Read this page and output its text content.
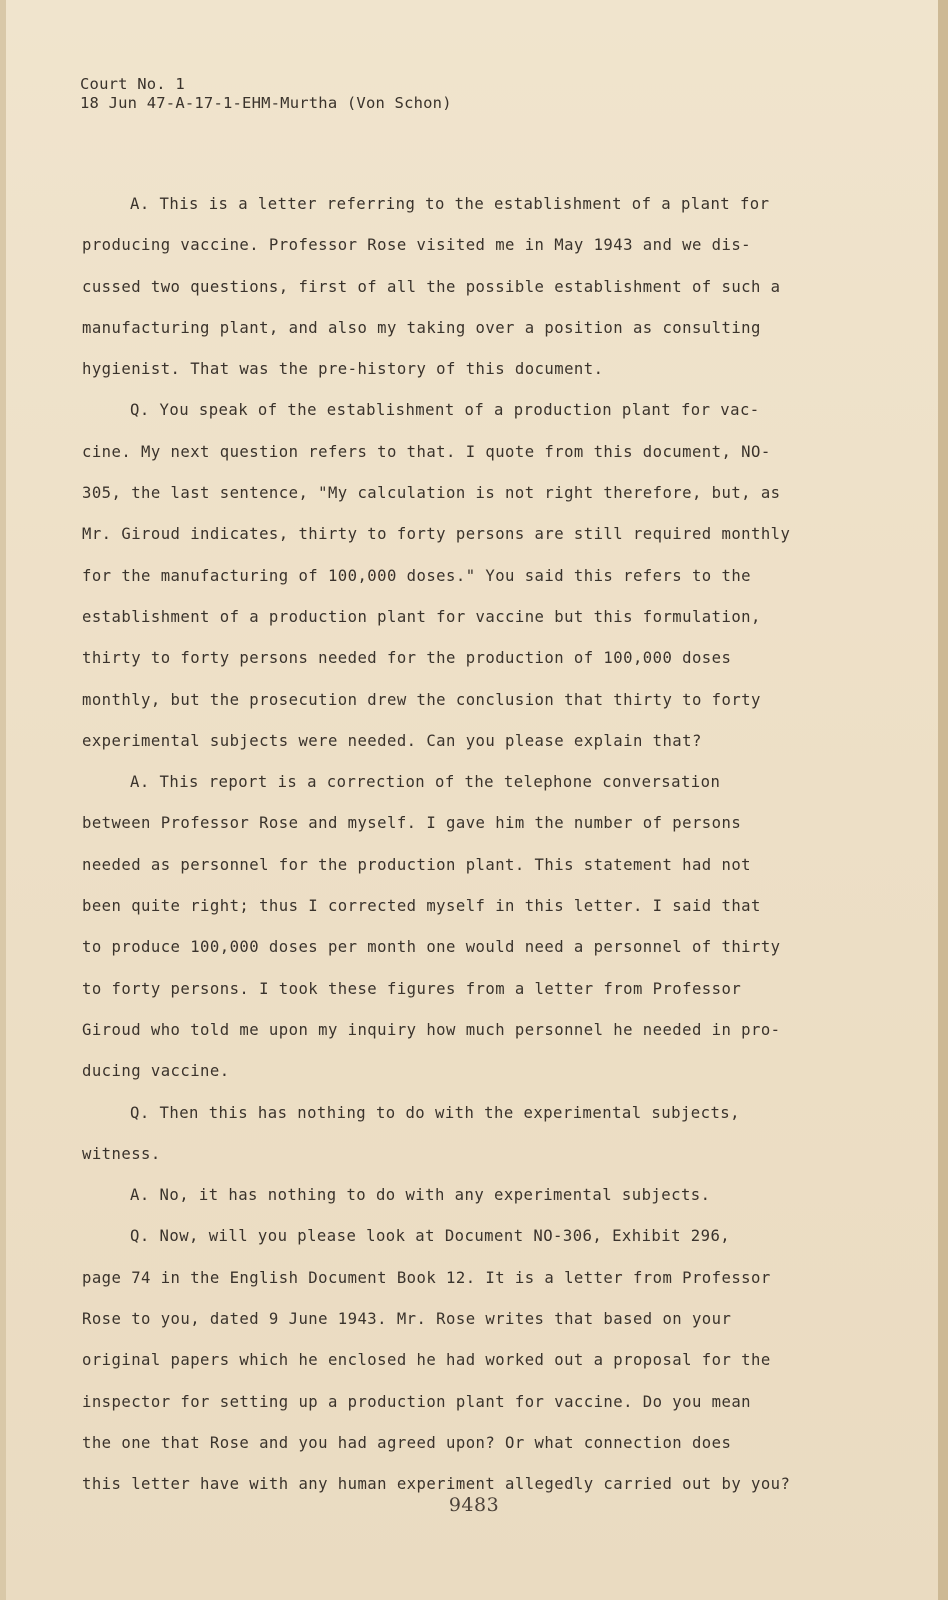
Court No. 1
18 Jun 47-A-17-1-EHM-Murtha (Von Schon)
A. This is a letter referring to the establishment of a plant for
producing vaccine. Professor Rose visited me in May 1943 and we dis-
cussed two questions, first of all the possible establishment of such a
manufacturing plant, and also my taking over a position as consulting
hygienist. That was the pre-history of this document.
Q. You speak of the establishment of a production plant for vac-
cine. My next question refers to that. I quote from this document, NO-
305, the last sentence, "My calculation is not right therefore, but, as
Mr. Giroud indicates, thirty to forty persons are still required monthly
for the manufacturing of 100,000 doses." You said this refers to the
establishment of a production plant for vaccine but this formulation,
thirty to forty persons needed for the production of 100,000 doses
monthly, but the prosecution drew the conclusion that thirty to forty
experimental subjects were needed. Can you please explain that?
A. This report is a correction of the telephone conversation
between Professor Rose and myself. I gave him the number of persons
needed as personnel for the production plant. This statement had not
been quite right; thus I corrected myself in this letter. I said that
to produce 100,000 doses per month one would need a personnel of thirty
to forty persons. I took these figures from a letter from Professor
Giroud who told me upon my inquiry how much personnel he needed in pro-
ducing vaccine.
Q. Then this has nothing to do with the experimental subjects,
witness.
A. No, it has nothing to do with any experimental subjects.
Q. Now, will you please look at Document NO-306, Exhibit 296,
page 74 in the English Document Book 12. It is a letter from Professor
Rose to you, dated 9 June 1943. Mr. Rose writes that based on your
original papers which he enclosed he had worked out a proposal for the
inspector for setting up a production plant for vaccine. Do you mean
the one that Rose and you had agreed upon? Or what connection does
this letter have with any human experiment allegedly carried out by you?
9483
